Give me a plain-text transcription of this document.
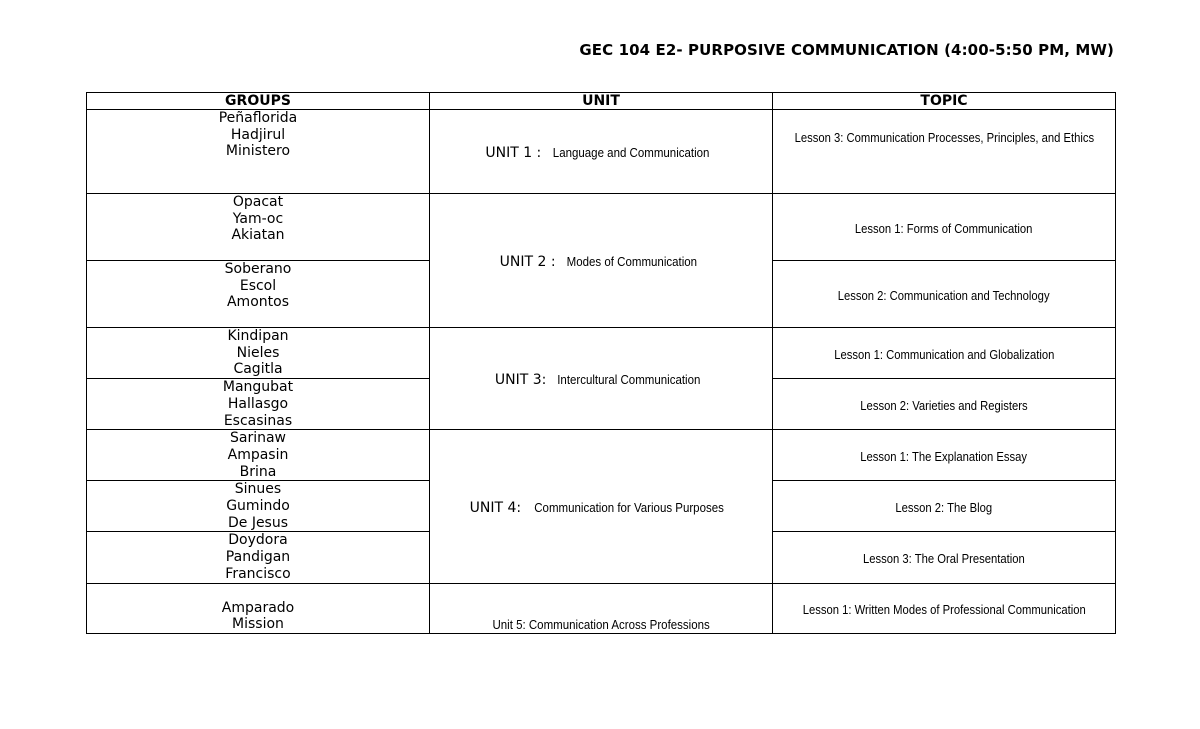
GEC 104 E2- PURPOSIVE COMMUNICATION (4:00-5:50 PM, MW)
GROUPS	UNIT	TOPIC

Peñaflorida
Hadjirul
Ministero	UNIT 1 : Language and Communication	Lesson 3: Communication Processes, Principles, and Ethics

Opacat
Yam-oc
Akiatan	UNIT 2 : Modes of Communication	Lesson 1: Forms of Communication

Soberano
Escol
Amontos		Lesson 2: Communication and Technology

Kindipan
Nieles
Cagitla	UNIT 3: Intercultural Communication	Lesson 1: Communication and Globalization

Mangubat
Hallasgo
Escasinas		Lesson 2: Varieties and Registers

Sarinaw
Ampasin
Brina	UNIT 4: Communication for Various Purposes	Lesson 1: The Explanation Essay

Sinues
Gumindo
De Jesus		Lesson 2: The Blog

Doydora
Pandigan
Francisco		Lesson 3: The Oral Presentation

Amparado
Mission	Unit 5: Communication Across Professions	Lesson 1: Written Modes of Professional Communication
